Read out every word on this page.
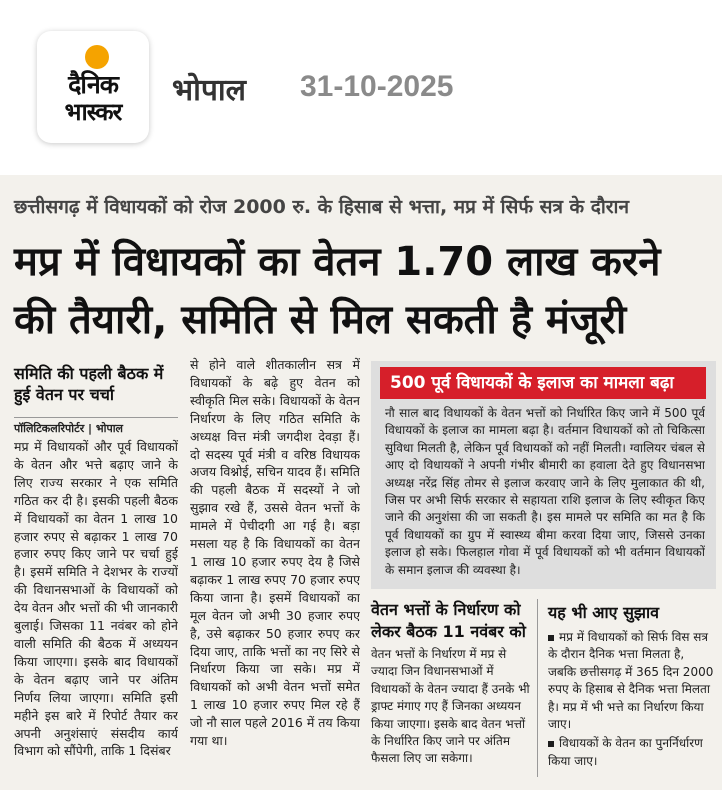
दैनिक
भास्कर
भोपाल 31-10-2025
छत्तीसगढ़ में विधायकों को रोज 2000 रु. के हिसाब से भत्ता, मप्र में सिर्फ सत्र के दौरान
मप्र में विधायकों का वेतन 1.70 लाख करने की तैयारी, समिति से मिल सकती है मंजूरी
समिति की पहली बैठक में हुई वेतन पर चर्चा
पॉलिटिकलरिपोर्टर | भोपाल
मप्र में विधायकों और पूर्व विधायकों के वेतन और भत्ते बढ़ाए जाने के लिए राज्य सरकार ने एक समिति गठित कर दी है। इसकी पहली बैठक में विधायकों का वेतन 1 लाख 10 हजार रुपए से बढ़ाकर 1 लाख 70 हजार रुपए किए जाने पर चर्चा हुई है। इसमें समिति ने देशभर के राज्यों की विधानसभाओं के विधायकों को देय वेतन और भत्तों की भी जानकारी बुलाई। जिसका 11 नवंबर को होने वाली समिति की बैठक में अध्ययन किया जाएगा। इसके बाद विधायकों के वेतन बढ़ाए जाने पर अंतिम निर्णय लिया जाएगा। समिति इसी महीने इस बारे में रिपोर्ट तैयार कर अपनी अनुशंसाएं संसदीय कार्य विभाग को सौंपेगी, ताकि 1 दिसंबर
से होने वाले शीतकालीन सत्र में विधायकों के बढ़े हुए वेतन को स्वीकृति मिल सके। विधायकों के वेतन निर्धारण के लिए गठित समिति के अध्यक्ष वित्त मंत्री जगदीश देवड़ा हैं। दो सदस्य पूर्व मंत्री व वरिष्ठ विधायक अजय विश्नोई, सचिन यादव हैं। समिति की पहली बैठक में सदस्यों ने जो सुझाव रखे हैं, उससे वेतन भत्तों के मामले में पेचीदगी आ गई है। बड़ा मसला यह है कि विधायकों का वेतन 1 लाख 10 हजार रुपए देय है जिसे बढ़ाकर 1 लाख रुपए 70 हजार रुपए किया जाना है। इसमें विधायकों का मूल वेतन जो अभी 30 हजार रुपए है, उसे बढ़ाकर 50 हजार रुपए कर दिया जाए, ताकि भत्तों का नए सिरे से निर्धारण किया जा सके। मप्र में विधायकों को अभी वेतन भत्तों समेत 1 लाख 10 हजार रुपए मिल रहे हैं जो नौ साल पहले 2016 में तय किया गया था।
500 पूर्व विधायकों के इलाज का मामला बढ़ा
नौ साल बाद विधायकों के वेतन भत्तों को निर्धारित किए जाने में 500 पूर्व विधायकों के इलाज का मामला बढ़ा है। वर्तमान विधायकों को तो चिकित्सा सुविधा मिलती है, लेकिन पूर्व विधायकों को नहीं मिलती। ग्वालियर चंबल से आए दो विधायकों ने अपनी गंभीर बीमारी का हवाला देते हुए विधानसभा अध्यक्ष नरेंद्र सिंह तोमर से इलाज करवाए जाने के लिए मुलाकात की थी, जिस पर अभी सिर्फ सरकार से सहायता राशि इलाज के लिए स्वीकृत किए जाने की अनुशंसा की जा सकती है। इस मामले पर समिति का मत है कि पूर्व विधायकों का ग्रुप में स्वास्थ्य बीमा करवा दिया जाए, जिससे उनका इलाज हो सके। फिलहाल गोवा में पूर्व विधायकों को भी वर्तमान विधायकों के समान इलाज की व्यवस्था है।
वेतन भत्तों के निर्धारण को लेकर बैठक 11 नवंबर को
वेतन भत्तों के निर्धारण में मप्र से ज्यादा जिन विधानसभाओं में विधायकों के वेतन ज्यादा हैं उनके भी ड्राफ्ट मंगाए गए हैं जिनका अध्ययन किया जाएगा। इसके बाद वेतन भत्तों के निर्धारित किए जाने पर अंतिम फैसला लिए जा सकेगा।
यह भी आए सुझाव
मप्र में विधायकों को सिर्फ विस सत्र के दौरान दैनिक भत्ता मिलता है, जबकि छत्तीसगढ़ में 365 दिन 2000 रुपए के हिसाब से दैनिक भत्ता मिलता है। मप्र में भी भत्ते का निर्धारण किया जाए।
विधायकों के वेतन का पुनर्निर्धारण किया जाए।
